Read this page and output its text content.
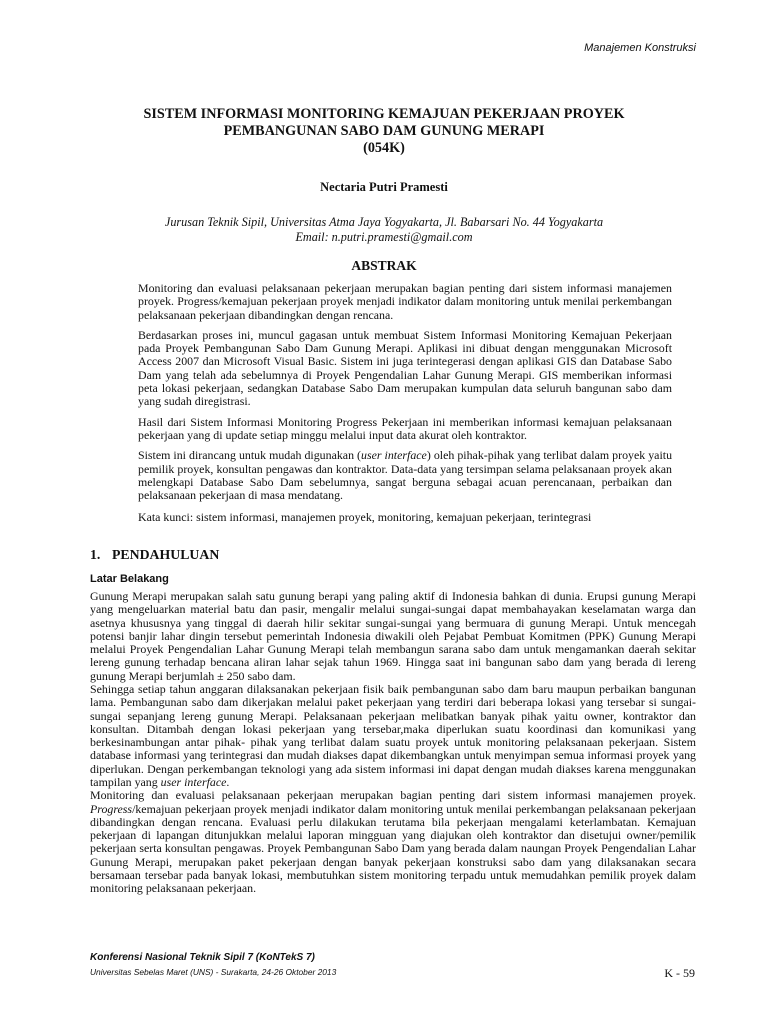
Manajemen Konstruksi
SISTEM INFORMASI MONITORING KEMAJUAN PEKERJAAN PROYEK
PEMBANGUNAN SABO DAM GUNUNG MERAPI
(054K)
Nectaria Putri Pramesti
Jurusan Teknik Sipil, Universitas Atma Jaya Yogyakarta, Jl. Babarsari No. 44 Yogyakarta
Email: n.putri.pramesti@gmail.com
ABSTRAK

Monitoring dan evaluasi pelaksanaan pekerjaan merupakan bagian penting dari sistem informasi manajemen proyek. Progress/kemajuan pekerjaan proyek menjadi indikator dalam monitoring untuk menilai perkembangan pelaksanaan pekerjaan dibandingkan dengan rencana.

Berdasarkan proses ini, muncul gagasan untuk membuat Sistem Informasi Monitoring Kemajuan Pekerjaan pada Proyek Pembangunan Sabo Dam Gunung Merapi. Aplikasi ini dibuat dengan menggunakan Microsoft Access 2007 dan Microsoft Visual Basic. Sistem ini juga terintegerasi dengan aplikasi GIS dan Database Sabo Dam yang telah ada sebelumnya di Proyek Pengendalian Lahar Gunung Merapi. GIS memberikan informasi peta lokasi pekerjaan, sedangkan Database Sabo Dam merupakan kumpulan data seluruh bangunan sabo dam yang sudah diregistrasi.

Hasil dari Sistem Informasi Monitoring Progress Pekerjaan ini memberikan informasi kemajuan pelaksanaan pekerjaan yang di update setiap minggu melalui input data akurat oleh kontraktor.

Sistem ini dirancang untuk mudah digunakan (user interface) oleh pihak-pihak yang terlibat dalam proyek yaitu pemilik proyek, konsultan pengawas dan kontraktor. Data-data yang tersimpan selama pelaksanaan proyek akan melengkapi Database Sabo Dam sebelumnya, sangat berguna sebagai acuan perencanaan, perbaikan dan pelaksanaan pekerjaan di masa mendatang.

Kata kunci: sistem informasi, manajemen proyek, monitoring, kemajuan pekerjaan, terintegrasi

1. PENDAHULUAN
Latar Belakang

Gunung Merapi merupakan salah satu gunung berapi yang paling aktif di Indonesia bahkan di dunia. Erupsi gunung Merapi yang mengeluarkan material batu dan pasir, mengalir melalui sungai-sungai dapat membahayakan keselamatan warga dan asetnya khususnya yang tinggal di daerah hilir sekitar sungai-sungai yang bermuara di gunung Merapi. Untuk mencegah potensi banjir lahar dingin tersebut pemerintah Indonesia diwakili oleh Pejabat Pembuat Komitmen (PPK) Gunung Merapi melalui Proyek Pengendalian Lahar Gunung Merapi telah membangun sarana sabo dam untuk mengamankan daerah sekitar lereng gunung terhadap bencana aliran lahar sejak tahun 1969. Hingga saat ini bangunan sabo dam yang berada di lereng gunung Merapi berjumlah ± 250 sabo dam.

Sehingga setiap tahun anggaran dilaksanakan pekerjaan fisik baik pembangunan sabo dam baru maupun perbaikan bangunan lama. Pembangunan sabo dam dikerjakan melalui paket pekerjaan yang terdiri dari beberapa lokasi yang tersebar si sungai-sungai sepanjang lereng gunung Merapi. Pelaksanaan pekerjaan melibatkan banyak pihak yaitu owner, kontraktor dan konsultan. Ditambah dengan lokasi pekerjaan yang tersebar,maka diperlukan suatu koordinasi dan komunikasi yang berkesinambungan antar pihak- pihak yang terlibat dalam suatu proyek untuk monitoring pelaksanaan pekerjaan. Sistem database informasi yang terintegrasi dan mudah diakses dapat dikembangkan untuk menyimpan semua informasi proyek yang diperlukan. Dengan perkembangan teknologi yang ada sistem informasi ini dapat dengan mudah diakses karena menggunakan tampilan yang user interface.

Monitoring dan evaluasi pelaksanaan pekerjaan merupakan bagian penting dari sistem informasi manajemen proyek. Progress/kemajuan pekerjaan proyek menjadi indikator dalam monitoring untuk menilai perkembangan pelaksanaan pekerjaan dibandingkan dengan rencana. Evaluasi perlu dilakukan terutama bila pekerjaan mengalami keterlambatan. Kemajuan pekerjaan di lapangan ditunjukkan melalui laporan mingguan yang diajukan oleh kontraktor dan disetujui owner/pemilik pekerjaan serta konsultan pengawas. Proyek Pembangunan Sabo Dam yang berada dalam naungan Proyek Pengendalian Lahar Gunung Merapi, merupakan paket pekerjaan dengan banyak pekerjaan konstruksi sabo dam yang dilaksanakan secara bersamaan tersebar pada banyak lokasi, membutuhkan sistem monitoring terpadu untuk memudahkan pemilik proyek dalam monitoring pelaksanaan pekerjaan.

Konferensi Nasional Teknik Sipil 7 (KoNTekS 7)
Universitas Sebelas Maret (UNS) - Surakarta, 24-26 Oktober 2013	K - 59
